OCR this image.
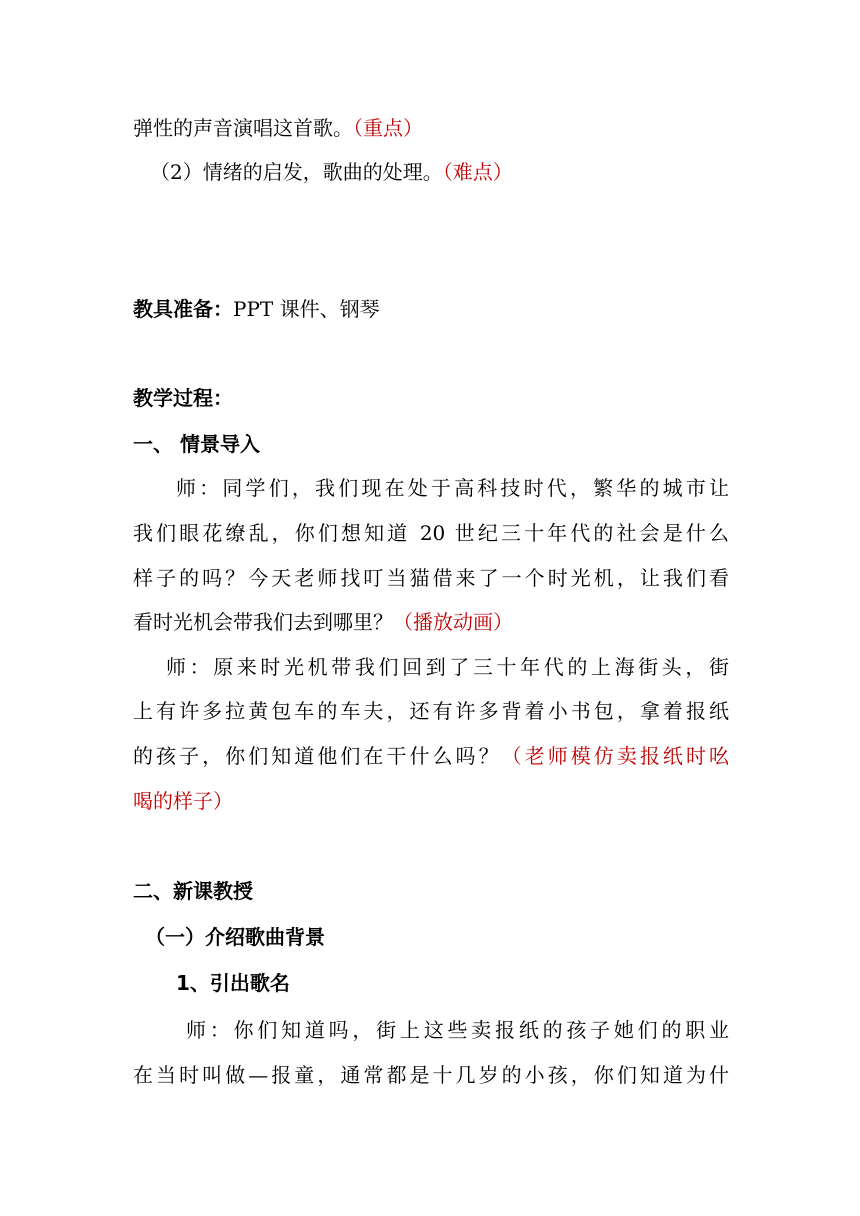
弹性的声音演唱这首歌。（重点）
（2）情绪的启发，歌曲的处理。（难点）
教具准备：PPT 课件、钢琴
教学过程：
一、 情景导入
师：同学们，我们现在处于高科技时代，繁华的城市让
我们眼花缭乱，你们想知道 20 世纪三十年代的社会是什么
样子的吗？今天老师找叮当猫借来了一个时光机，让我们看
看时光机会带我们去到哪里？（播放动画）
师：原来时光机带我们回到了三十年代的上海街头，街
上有许多拉黄包车的车夫，还有许多背着小书包，拿着报纸
的孩子，你们知道他们在干什么吗？（老师模仿卖报纸时吆
喝的样子）
二、新课教授
（一）介绍歌曲背景
1、引出歌名
师：你们知道吗，街上这些卖报纸的孩子她们的职业
在当时叫做—报童，通常都是十几岁的小孩，你们知道为什
